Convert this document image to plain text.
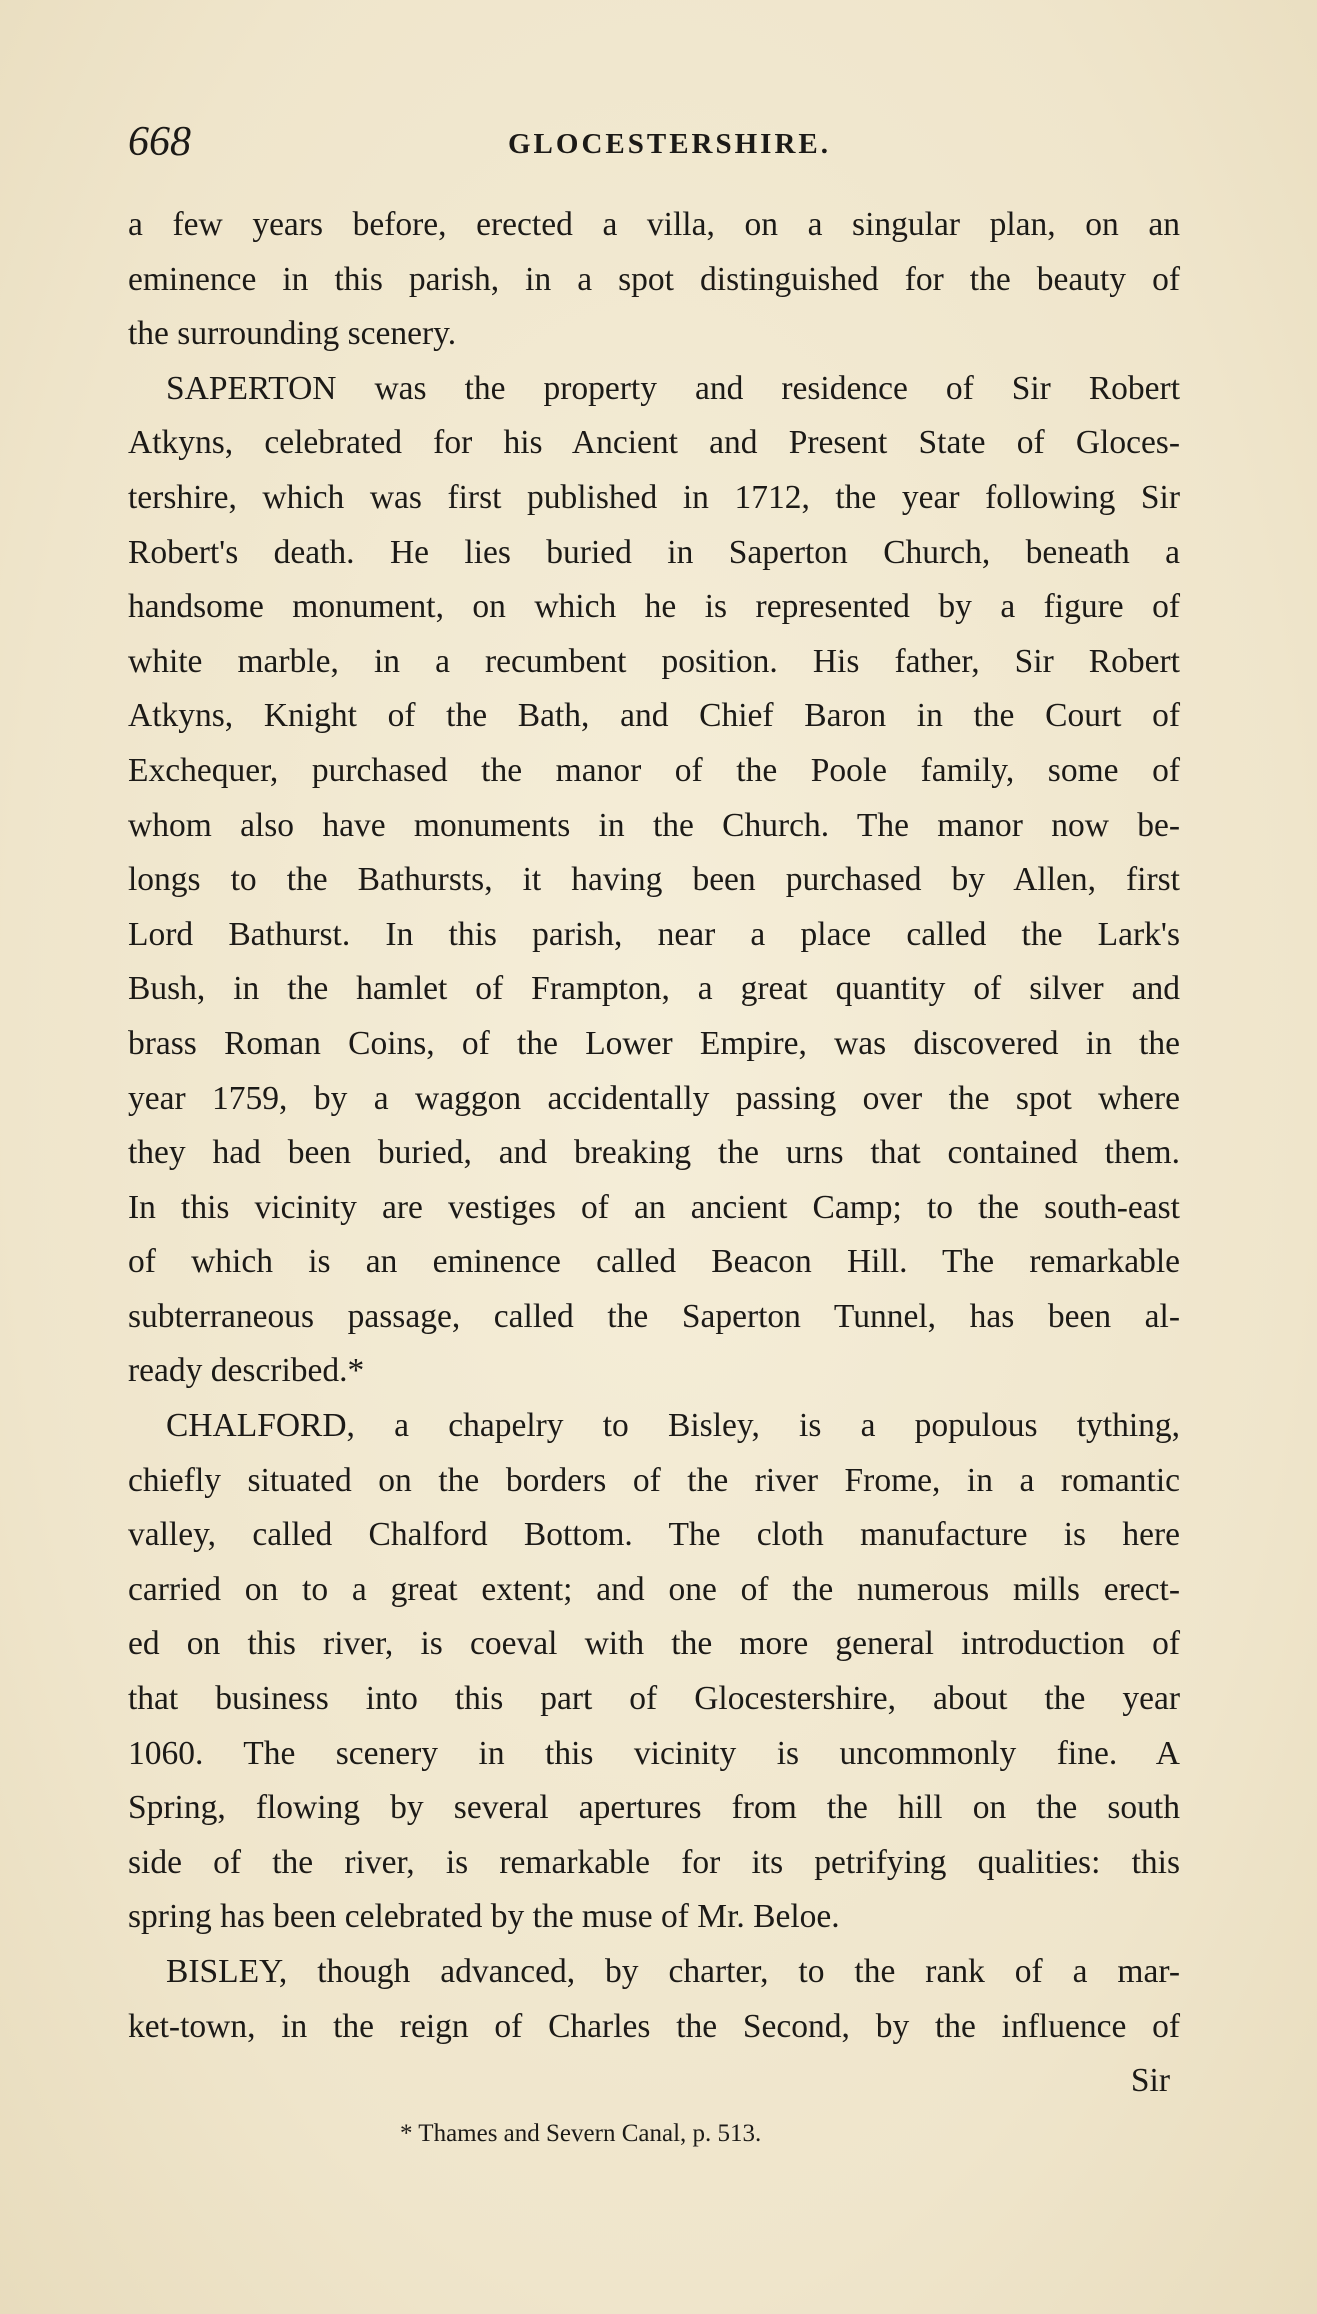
668	GLOCESTERSHIRE.
a few years before, erected a villa, on a singular plan, on an
eminence in this parish, in a spot distinguished for the beauty of
the surrounding scenery.
SAPERTON was the property and residence of Sir Robert
Atkyns, celebrated for his Ancient and Present State of Gloces-
tershire, which was first published in 1712, the year following Sir
Robert's death. He lies buried in Saperton Church, beneath a
handsome monument, on which he is represented by a figure of
white marble, in a recumbent position. His father, Sir Robert
Atkyns, Knight of the Bath, and Chief Baron in the Court of
Exchequer, purchased the manor of the Poole family, some of
whom also have monuments in the Church. The manor now be-
longs to the Bathursts, it having been purchased by Allen, first
Lord Bathurst. In this parish, near a place called the Lark's
Bush, in the hamlet of Frampton, a great quantity of silver and
brass Roman Coins, of the Lower Empire, was discovered in the
year 1759, by a waggon accidentally passing over the spot where
they had been buried, and breaking the urns that contained them.
In this vicinity are vestiges of an ancient Camp; to the south-east
of which is an eminence called Beacon Hill. The remarkable
subterraneous passage, called the Saperton Tunnel, has been al-
ready described.*
CHALFORD, a chapelry to Bisley, is a populous tything,
chiefly situated on the borders of the river Frome, in a romantic
valley, called Chalford Bottom. The cloth manufacture is here
carried on to a great extent; and one of the numerous mills erect-
ed on this river, is coeval with the more general introduction of
that business into this part of Glocestershire, about the year
1060. The scenery in this vicinity is uncommonly fine. A
Spring, flowing by several apertures from the hill on the south
side of the river, is remarkable for its petrifying qualities: this
spring has been celebrated by the muse of Mr. Beloe.
BISLEY, though advanced, by charter, to the rank of a mar-
ket-town, in the reign of Charles the Second, by the influence of
Sir
* Thames and Severn Canal, p. 513.
